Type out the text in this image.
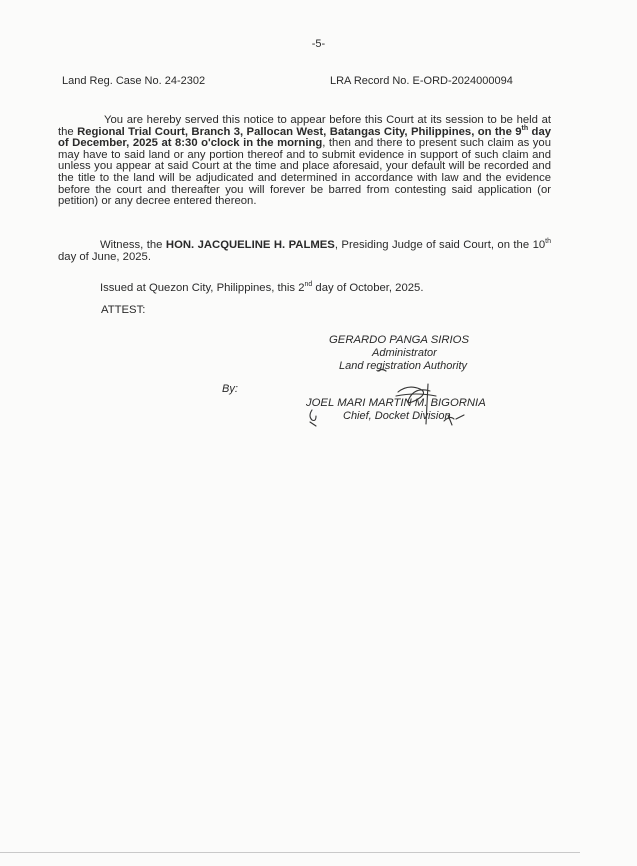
-5-
Land Reg. Case No. 24-2302	LRA Record No. E-ORD-2024000094
You are hereby served this notice to appear before this Court at its session to be held at the Regional Trial Court, Branch 3, Pallocan West, Batangas City, Philippines, on the 9th day of December, 2025 at 8:30 o'clock in the morning, then and there to present such claim as you may have to said land or any portion thereof and to submit evidence in support of such claim and unless you appear at said Court at the time and place aforesaid, your default will be recorded and the title to the land will be adjudicated and determined in accordance with law and the evidence before the court and thereafter you will forever be barred from contesting said application (or petition) or any decree entered thereon.
Witness, the HON. JACQUELINE H. PALMES, Presiding Judge of said Court, on the 10th day of June, 2025.
Issued at Quezon City, Philippines, this 2nd day of October, 2025.
ATTEST:
GERARDO PANGA SIRIOS
Administrator
Land registration Authority
By:
JOEL MARI MARTIN M. BIGORNIA
Chief, Docket Division
